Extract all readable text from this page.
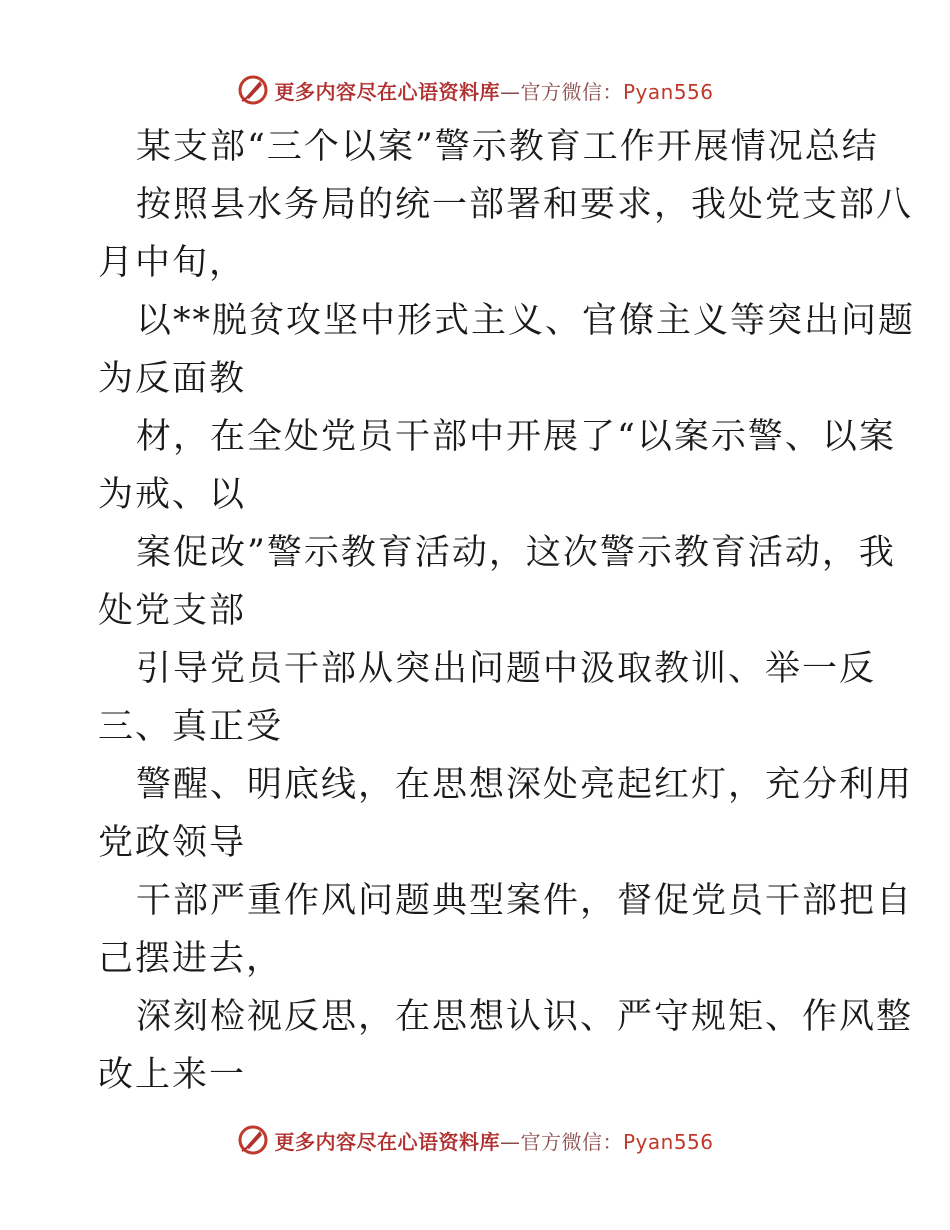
更多内容尽在心语资料库—官方微信：Pyan556
某支部“三个以案”警示教育工作开展情况总结
按照县水务局的统一部署和要求，我处党支部八
月中旬，
以**脱贫攻坚中形式主义、官僚主义等突出问题
为反面教
材，在全处党员干部中开展了“以案示警、以案
为戒、以
案促改”警示教育活动，这次警示教育活动，我
处党支部
引导党员干部从突出问题中汲取教训、举一反
三、真正受
警醒、明底线，在思想深处亮起红灯，充分利用
党政领导
干部严重作风问题典型案件，督促党员干部把自
己摆进去，
深刻检视反思，在思想认识、严守规矩、作风整
改上来一
更多内容尽在心语资料库—官方微信：Pyan556
